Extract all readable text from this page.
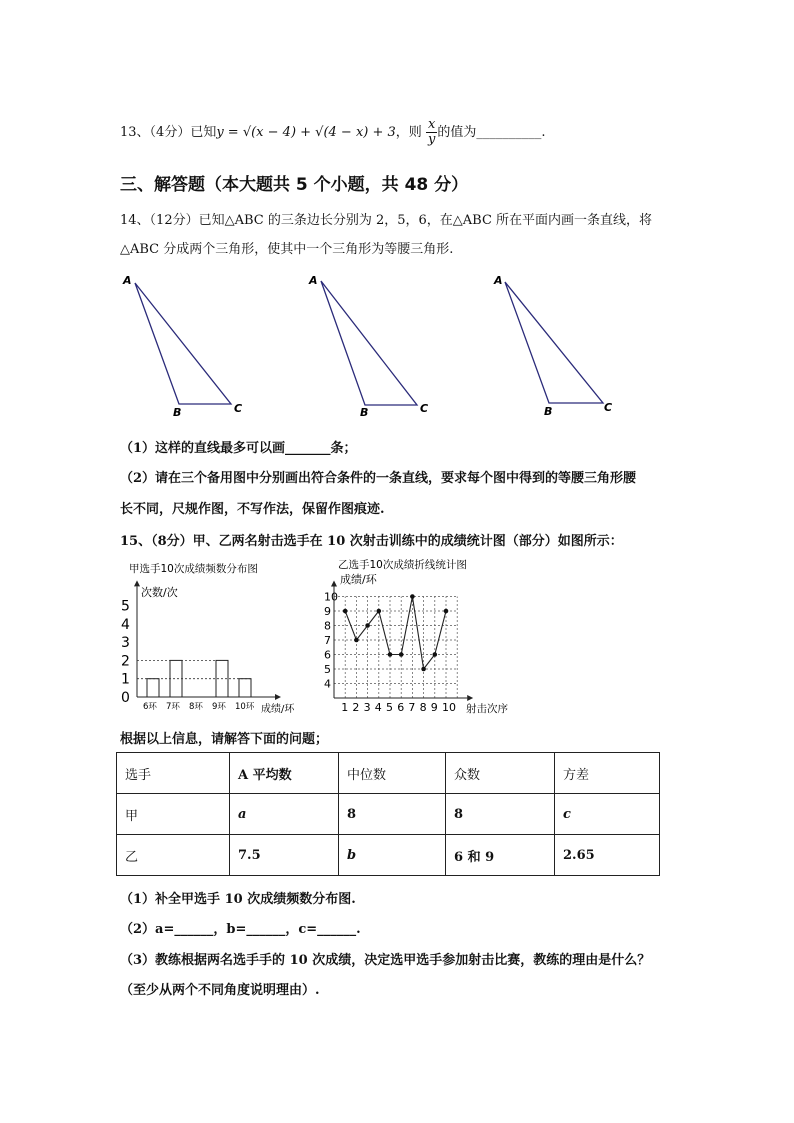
13、（4分）已知y = √(x − 4) + √(4 − x) + 3，则 $\frac{x}{y}$ 的值为__________.
三、解答题（本大题共 5 个小题，共 48 分）
14、（12分）已知△ABC 的三条边长分别为 2，5，6，在△ABC 所在平面内画一条直线，将
△ABC 分成两个三角形，使其中一个三角形为等腰三角形.
A
B	C
A
B	C
A
B	C
（1）这样的直线最多可以画_______条；
（2）请在三个备用图中分别画出符合条件的一条直线，要求每个图中得到的等腰三角形腰
长不同，尺规作图，不写作法，保留作图痕迹.
15、（8分）甲、乙两名射击选手在 10 次射击训练中的成绩统计图（部分）如图所示：
甲选手10次成绩频数分布图
次数/次
成绩/环
0
1
2
3
4
5
6环 7环 8环 9环 10环
乙选手10次成绩折线统计图
成绩/环
射击次序
4
5
6
7
8
9
10
1 2 3 4 5 6 7 8 9 10
根据以上信息，请解答下面的问题；
选手	A 平均数	中位数	众数	方差
甲	a	8	8	c
乙	7.5	b	6 和 9	2.65
（1）补全甲选手 10 次成绩频数分布图.
（2）a=______，b=______，c=______.
（3）教练根据两名选手手的 10 次成绩，决定选甲选手参加射击比赛，教练的理由是什么？
（至少从两个不同角度说明理由）.
